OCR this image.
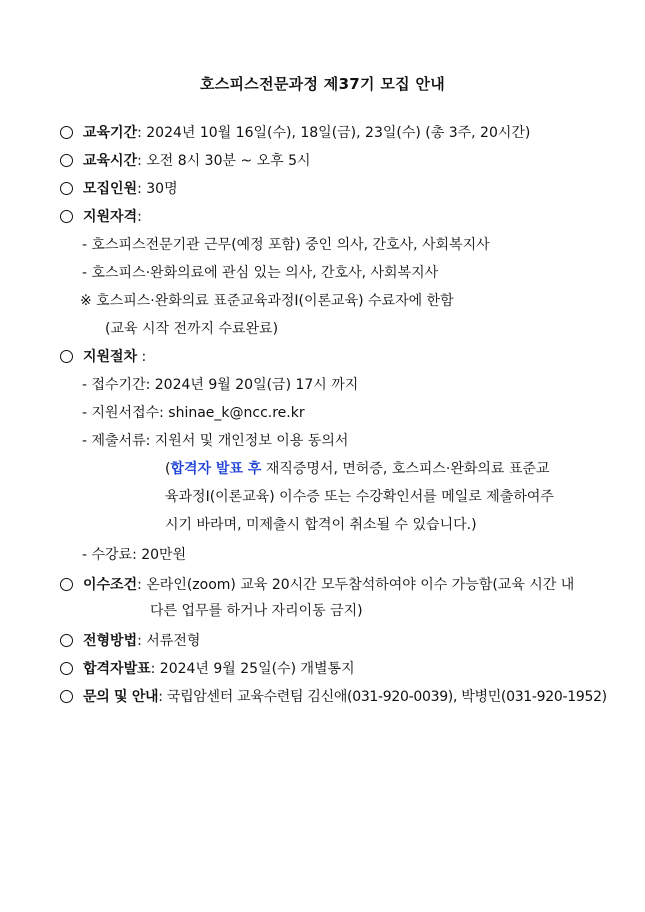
호스피스전문과정 제37기 모집 안내
교육기간: 2024년 10월 16일(수), 18일(금), 23일(수) (총 3주, 20시간)
교육시간: 오전 8시 30분 ~ 오후 5시
모집인원: 30명
지원자격:
- 호스피스전문기관 근무(예정 포함) 중인 의사, 간호사, 사회복지사
- 호스피스·완화의료에 관심 있는 의사, 간호사, 사회복지사
※ 호스피스·완화의료 표준교육과정I(이론교육) 수료자에 한함
(교육 시작 전까지 수료완료)
지원절차 :
- 접수기간: 2024년 9월 20일(금) 17시 까지
- 지원서접수: shinae_k@ncc.re.kr
- 제출서류: 지원서 및 개인정보 이용 동의서
(합격자 발표 후 재직증명서, 면허증, 호스피스·완화의료 표준교
육과정I(이론교육) 이수증 또는 수강확인서를 메일로 제출하여주
시기 바라며, 미제출시 합격이 취소될 수 있습니다.)
- 수강료: 20만원
이수조건: 온라인(zoom) 교육 20시간 모두참석하여야 이수 가능함(교육 시간 내
다른 업무를 하거나 자리이동 금지)
전형방법: 서류전형
합격자발표: 2024년 9월 25일(수) 개별통지
문의 및 안내: 국립암센터 교육수련팀 김신애(031-920-0039), 박병민(031-920-1952)
